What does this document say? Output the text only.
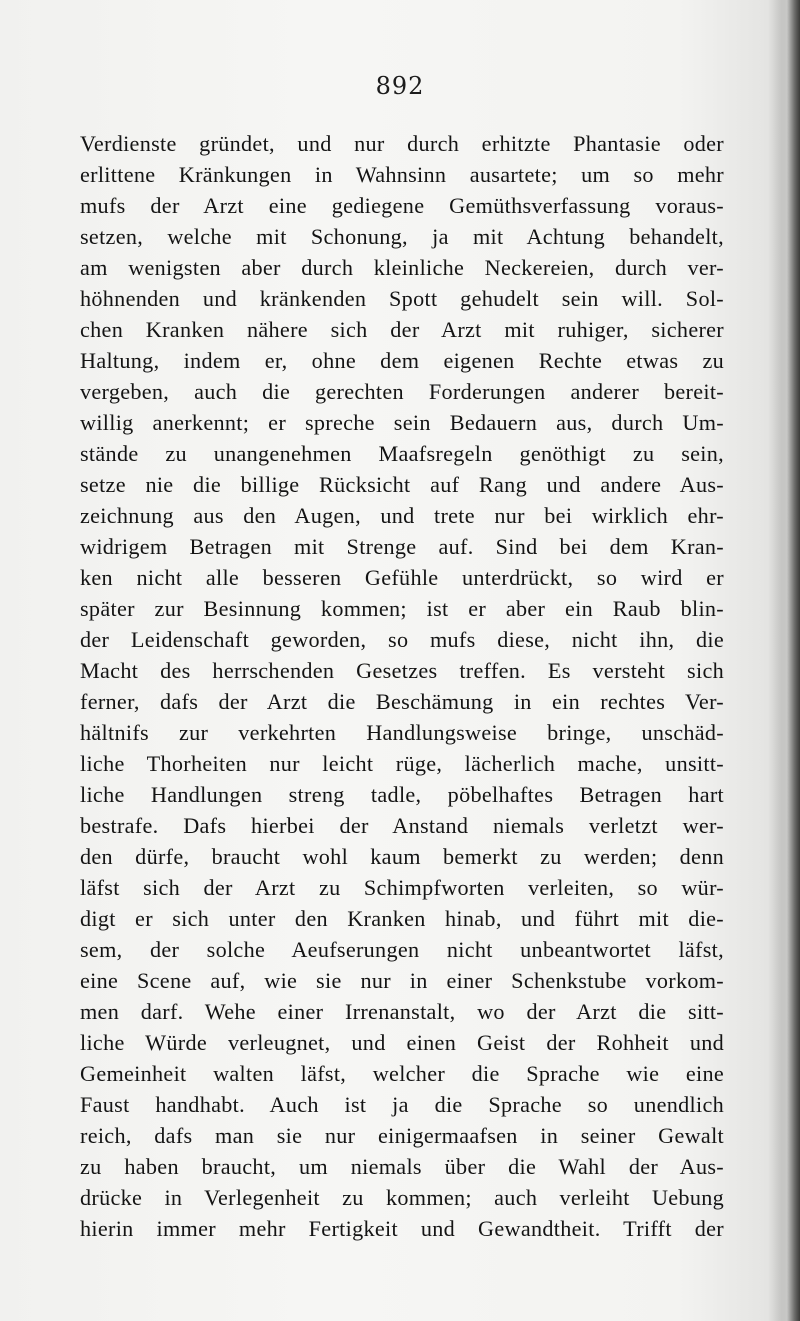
892
Verdienste gründet, und nur durch erhitzte Phantasie oder
erlittene Kränkungen in Wahnsinn ausartete; um so mehr
mufs der Arzt eine gediegene Gemüthsverfassung voraus-
setzen, welche mit Schonung, ja mit Achtung behandelt,
am wenigsten aber durch kleinliche Neckereien, durch ver-
höhnenden und kränkenden Spott gehudelt sein will. Sol-
chen Kranken nähere sich der Arzt mit ruhiger, sicherer
Haltung, indem er, ohne dem eigenen Rechte etwas zu
vergeben, auch die gerechten Forderungen anderer bereit-
willig anerkennt; er spreche sein Bedauern aus, durch Um-
stände zu unangenehmen Maafsregeln genöthigt zu sein,
setze nie die billige Rücksicht auf Rang und andere Aus-
zeichnung aus den Augen, und trete nur bei wirklich ehr-
widrigem Betragen mit Strenge auf. Sind bei dem Kran-
ken nicht alle besseren Gefühle unterdrückt, so wird er
später zur Besinnung kommen; ist er aber ein Raub blin-
der Leidenschaft geworden, so mufs diese, nicht ihn, die
Macht des herrschenden Gesetzes treffen. Es versteht sich
ferner, dafs der Arzt die Beschämung in ein rechtes Ver-
hältnifs zur verkehrten Handlungsweise bringe, unschäd-
liche Thorheiten nur leicht rüge, lächerlich mache, unsitt-
liche Handlungen streng tadle, pöbelhaftes Betragen hart
bestrafe. Dafs hierbei der Anstand niemals verletzt wer-
den dürfe, braucht wohl kaum bemerkt zu werden; denn
läfst sich der Arzt zu Schimpfworten verleiten, so wür-
digt er sich unter den Kranken hinab, und führt mit die-
sem, der solche Aeufserungen nicht unbeantwortet läfst,
eine Scene auf, wie sie nur in einer Schenkstube vorkom-
men darf. Wehe einer Irrenanstalt, wo der Arzt die sitt-
liche Würde verleugnet, und einen Geist der Rohheit und
Gemeinheit walten läfst, welcher die Sprache wie eine
Faust handhabt. Auch ist ja die Sprache so unendlich
reich, dafs man sie nur einigermaafsen in seiner Gewalt
zu haben braucht, um niemals über die Wahl der Aus-
drücke in Verlegenheit zu kommen; auch verleiht Uebung
hierin immer mehr Fertigkeit und Gewandtheit. Trifft der
